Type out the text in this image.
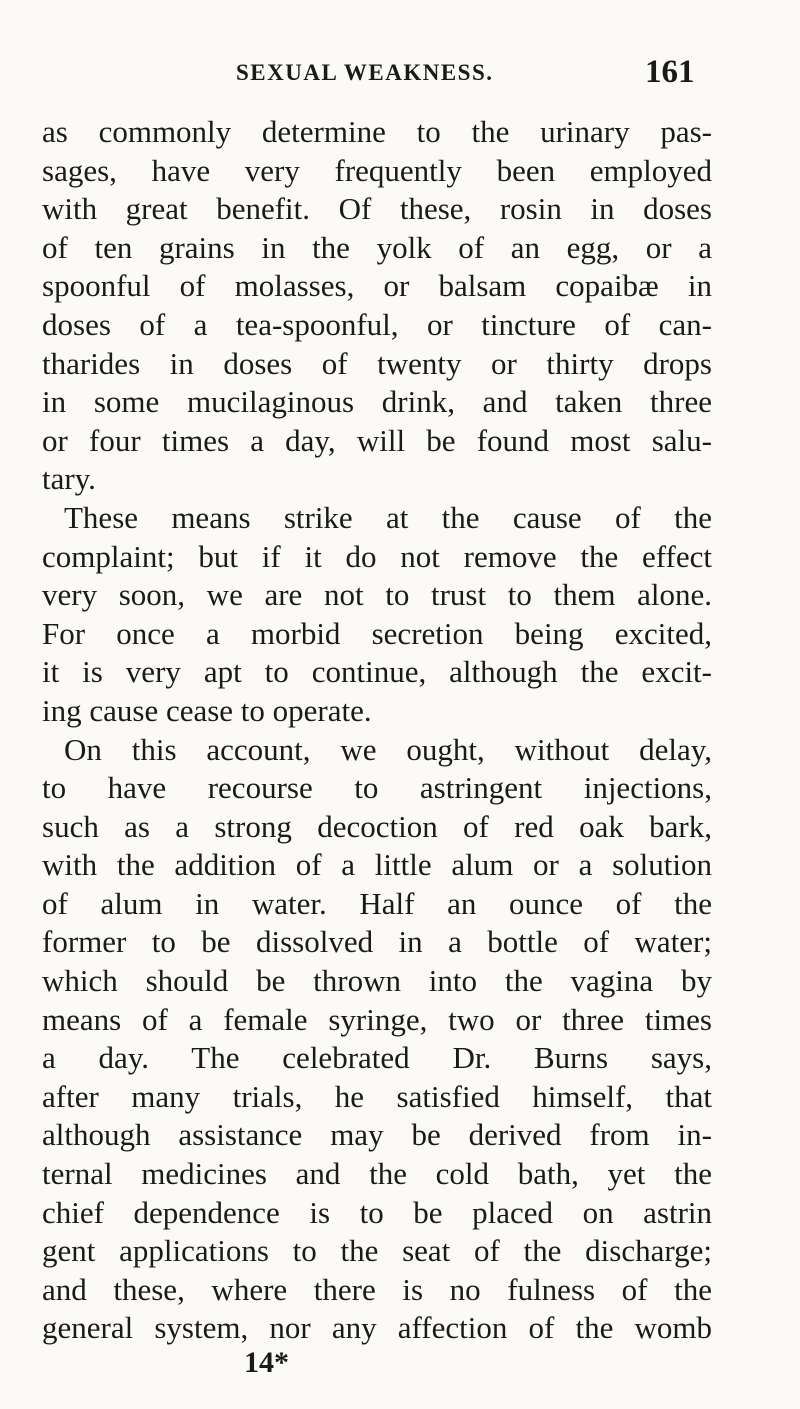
SEXUAL WEAKNESS.	161
as commonly determine to the urinary pas-
sages, have very frequently been employed
with great benefit. Of these, rosin in doses
of ten grains in the yolk of an egg, or a
spoonful of molasses, or balsam copaibæ in
doses of a tea-spoonful, or tincture of can-
tharides in doses of twenty or thirty drops
in some mucilaginous drink, and taken three
or four times a day, will be found most salu-
tary.
These means strike at the cause of the
complaint; but if it do not remove the effect
very soon, we are not to trust to them alone.
For once a morbid secretion being excited,
it is very apt to continue, although the excit-
ing cause cease to operate.
On this account, we ought, without delay,
to have recourse to astringent injections,
such as a strong decoction of red oak bark,
with the addition of a little alum or a solution
of alum in water. Half an ounce of the
former to be dissolved in a bottle of water;
which should be thrown into the vagina by
means of a female syringe, two or three times
a day. The celebrated Dr. Burns says,
after many trials, he satisfied himself, that
although assistance may be derived from in-
ternal medicines and the cold bath, yet the
chief dependence is to be placed on astrin
gent applications to the seat of the discharge;
and these, where there is no fulness of the
general system, nor any affection of the womb
14*
